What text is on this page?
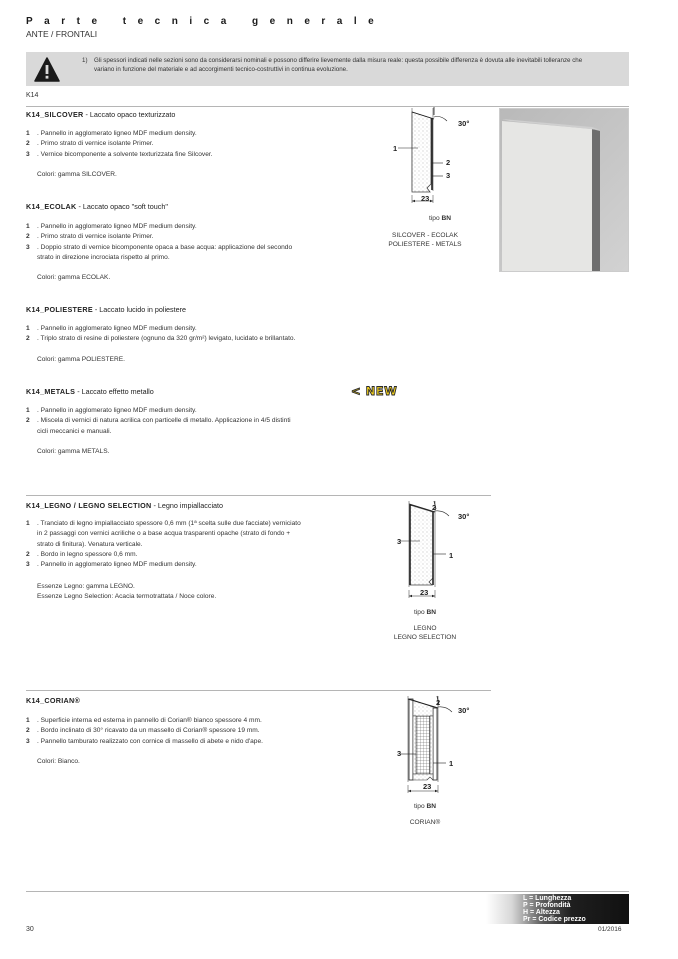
Parte tecnica generale
ANTE / FRONTALI
1) Gli spessori indicati nelle sezioni sono da considerarsi nominali e possono differire lievemente dalla misura reale: questa possibile differenza è dovuta alle inevitabili tolleranze che
variano in funzione del materiale e ad accorgimenti tecnico-costruttivi in continua evoluzione.
K14
K14_SILCOVER - Laccato opaco texturizzato
1 . Pannello in agglomerato ligneo MDF medium density.
2 . Primo strato di vernice isolante Primer.
3 . Vernice bicomponente a solvente texturizzata fine Silcover.
Colori: gamma SILCOVER.
K14_ECOLAK - Laccato opaco "soft touch"
1 . Pannello in agglomerato ligneo MDF medium density.
2 . Primo strato di vernice isolante Primer.
3 . Doppio strato di vernice bicomponente opaca a base acqua: applicazione del secondo
strato in direzione incrociata rispetto al primo.
Colori: gamma ECOLAK.
K14_POLIESTERE - Laccato lucido in poliestere
1 . Pannello in agglomerato ligneo MDF medium density.
2 . Triplo strato di resine di poliestere (ognuno da 320 gr/m²) levigato, lucidato e brillantato.
Colori: gamma POLIESTERE.
K14_METALS - Laccato effetto metallo	< NEW
1 . Pannello in agglomerato ligneo MDF medium density.
2 . Miscela di vernici di natura acrilica con particelle di metallo. Applicazione in 4/5 distinti
cicli meccanici e manuali.
Colori: gamma METALS.
30°
1
2
3
23
tipo BN
SILCOVER - ECOLAK
POLIESTERE - METALS
K14_LEGNO / LEGNO SELECTION - Legno impiallacciato
1 . Tranciato di legno impiallacciato spessore 0,6 mm (1ª scelta sulle due facciate) verniciato
in 2 passaggi con vernici acriliche o a base acqua trasparenti opache (strato di fondo +
strato di finitura). Venatura verticale.
2 . Bordo in legno spessore 0,6 mm.
3 . Pannello in agglomerato ligneo MDF medium density.
Essenze Legno: gamma LEGNO.
Essenze Legno Selection: Acacia termotrattata / Noce colore.
2
30°
3
1
23
tipo BN
LEGNO
LEGNO SELECTION
K14_CORIAN®
1 . Superficie interna ed esterna in pannello di Corian® bianco spessore 4 mm.
2 . Bordo inclinato di 30° ricavato da un massello di Corian® spessore 19 mm.
3 . Pannello tamburato realizzato con cornice di massello di abete e nido d'ape.
Colori: Bianco.
2
30°
3
1
23
tipo BN
CORIAN®
L = Lunghezza
P = Profondità
H = Altezza
Pr = Codice prezzo
30	01/2016
